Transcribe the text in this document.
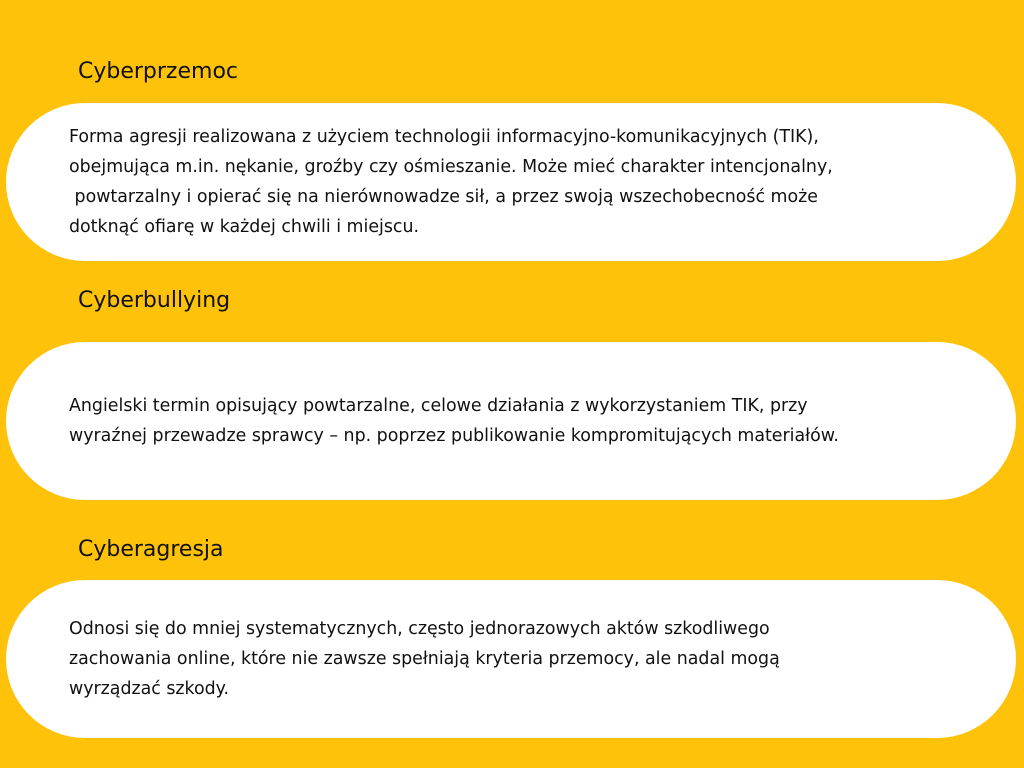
Cyberprzemoc

Forma agresji realizowana z użyciem technologii informacyjno-komunikacyjnych (TIK),
obejmująca m.in. nękanie, groźby czy ośmieszanie. Może mieć charakter intencjonalny,
powtarzalny i opierać się na nierównowadze sił, a przez swoją wszechobecność może
dotknąć ofiarę w każdej chwili i miejscu.

Cyberbullying

Angielski termin opisujący powtarzalne, celowe działania z wykorzystaniem TIK, przy
wyraźnej przewadze sprawcy – np. poprzez publikowanie kompromitujących materiałów.

Cyberagresja

Odnosi się do mniej systematycznych, często jednorazowych aktów szkodliwego
zachowania online, które nie zawsze spełniają kryteria przemocy, ale nadal mogą
wyrządzać szkody.
